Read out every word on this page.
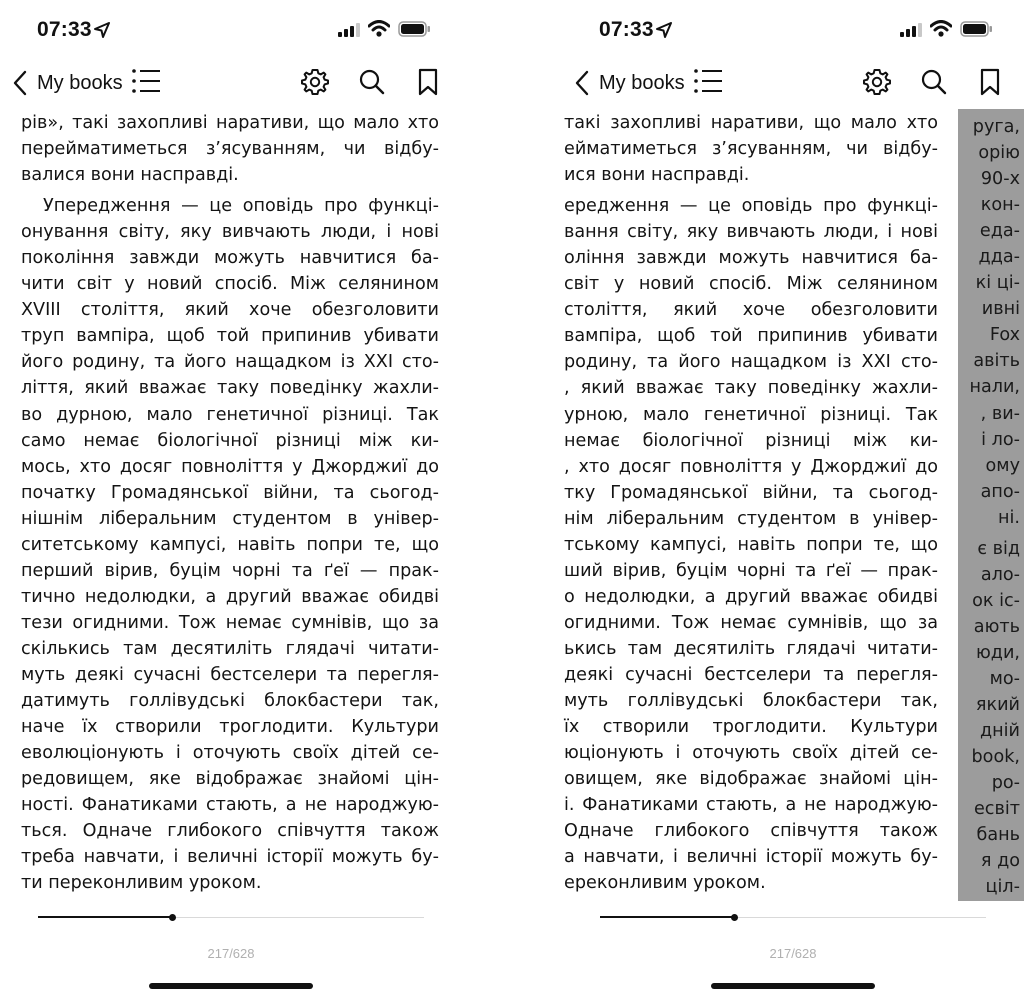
07:33
My books
рів», такі захопливі наративи, що мало хто
перейматиметься з’ясуванням, чи відбу-
валися вони насправді.
Упередження — це оповідь про функці-
онування світу, яку вивчають люди, і нові
покоління завжди можуть навчитися ба-
чити світ у новий спосіб. Між селянином
XVIII століття, який хоче обезголовити
труп вампіра, щоб той припинив убивати
його родину, та його нащадком із XXI сто-
ліття, який вважає таку поведінку жахли-
во дурною, мало генетичної різниці. Так
само немає біологічної різниці між ки-
мось, хто досяг повноліття у Джорджиї до
початку Громадянської війни, та сьогод-
нішнім ліберальним студентом в універ-
ситетському кампусі, навіть попри те, що
перший вірив, буцім чорні та ґеї — прак-
тично недолюдки, а другий вважає обидві
тези огидними. Тож немає сумнівів, що за
скількись там десятиліть глядачі читати-
муть деякі сучасні бестселери та перегля-
датимуть голлівудські блокбастери так,
наче їх створили троглодити. Культури
еволюціонують і оточують своїх дітей се-
редовищем, яке відображає знайомі цін-
ності. Фанатиками стають, а не народжую-
ться. Одначе глибокого співчуття також
треба навчати, і величні історії можуть бу-
ти переконливим уроком.
217/628
07:33
My books
такі захопливі наративи, що мало хто
ейматиметься з’ясуванням, чи відбу-
ися вони насправді.
ередження — це оповідь про функці-
вання світу, яку вивчають люди, і нові
оління завжди можуть навчитися ба-
світ у новий спосіб. Між селянином
століття, який хоче обезголовити
вампіра, щоб той припинив убивати
родину, та його нащадком із XXI сто-
, який вважає таку поведінку жахли-
урною, мало генетичної різниці. Так
немає біологічної різниці між ки-
, хто досяг повноліття у Джорджиї до
тку Громадянської війни, та сьогод-
нім ліберальним студентом в універ-
тському кампусі, навіть попри те, що
ший вірив, буцім чорні та ґеї — прак-
о недолюдки, а другий вважає обидві
огидними. Тож немає сумнівів, що за
ькись там десятиліть глядачі читати-
деякі сучасні бестселери та перегля-
муть голлівудські блокбастери так,
їх створили троглодити. Культури
юціонують і оточують своїх дітей се-
овищем, яке відображає знайомі цін-
і. Фанатиками стають, а не народжую-
Одначе глибокого співчуття також
а навчати, і величні історії можуть бу-
ереконливим уроком.
руга,
орію
90-х
кон-
еда-
дда-
кі ці-
ивні
Fox
авіть
нали,
, ви-
і ло-
ому
апо-
ні.
є від
ало-
ок іс-
ають
юди,
мо-
який
дній
book,
ро-
есвіт
бань
я до
ціл-
217/628
